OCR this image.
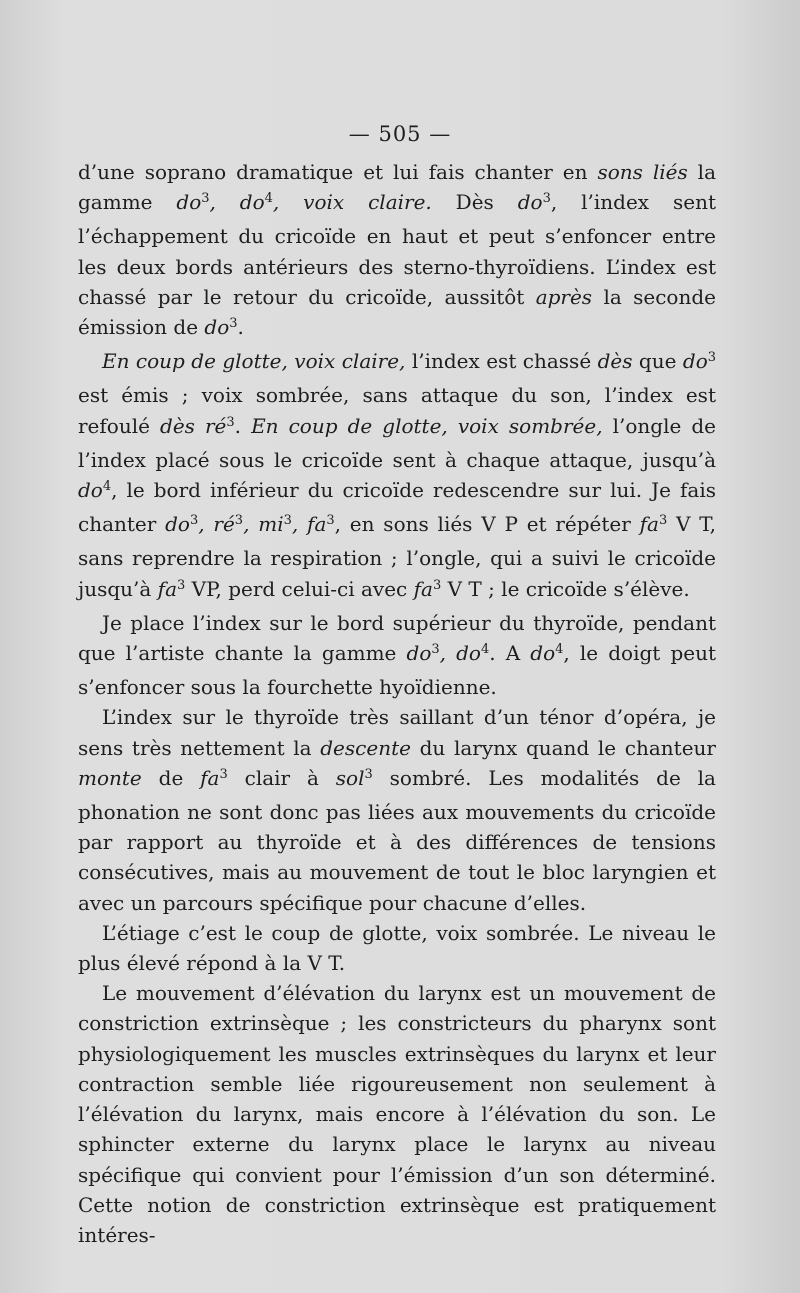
— 505 —

d’une soprano dramatique et lui fais chanter en sons liés la gamme $do^3$, $do^4$, voix claire. Dès $do^3$, l’index sent l’échappement du cricoïde en haut et peut s’enfoncer entre les deux bords antérieurs des sterno-thyroïdiens. L’index est chassé par le retour du cricoïde, aussitôt après la seconde émission de $do^3$.

En coup de glotte, voix claire, l’index est chassé dès que $do^3$ est émis ; voix sombrée, sans attaque du son, l’index est refoulé dès $ré^3$. En coup de glotte, voix sombrée, l’ongle de l’index placé sous le cricoïde sent à chaque attaque, jusqu’à $do^4$, le bord inférieur du cricoïde redescendre sur lui. Je fais chanter $do^3$, $ré^3$, $mi^3$, $fa^3$, en sons liés V P et répéter $fa^3$ V T, sans reprendre la respiration ; l’ongle, qui a suivi le cricoïde jusqu’à $fa^3$ VP, perd celui-ci avec $fa^3$ V T ; le cricoïde s’élève.

Je place l’index sur le bord supérieur du thyroïde, pendant que l’artiste chante la gamme $do^3$, $do^4$. A $do^4$, le doigt peut s’enfoncer sous la fourchette hyoïdienne.

L’index sur le thyroïde très saillant d’un ténor d’opéra, je sens très nettement la descente du larynx quand le chanteur monte de $fa^3$ clair à sol$^3$ sombré. Les modalités de la phonation ne sont donc pas liées aux mouvements du cricoïde par rapport au thyroïde et à des différences de tensions consécutives, mais au mouvement de tout le bloc laryngien et avec un parcours spécifique pour chacune d’elles.

L’étiage c’est le coup de glotte, voix sombrée. Le niveau le plus élevé répond à la V T.

Le mouvement d’élévation du larynx est un mouvement de constriction extrinsèque ; les constricteurs du pharynx sont physiologiquement les muscles extrinsèques du larynx et leur contraction semble liée rigoureusement non seulement à l’élévation du larynx, mais encore à l’élévation du son. Le sphincter externe du larynx place le larynx au niveau spécifique qui convient pour l’émission d’un son déterminé. Cette notion de constriction extrinsèque est pratiquement intéres-
